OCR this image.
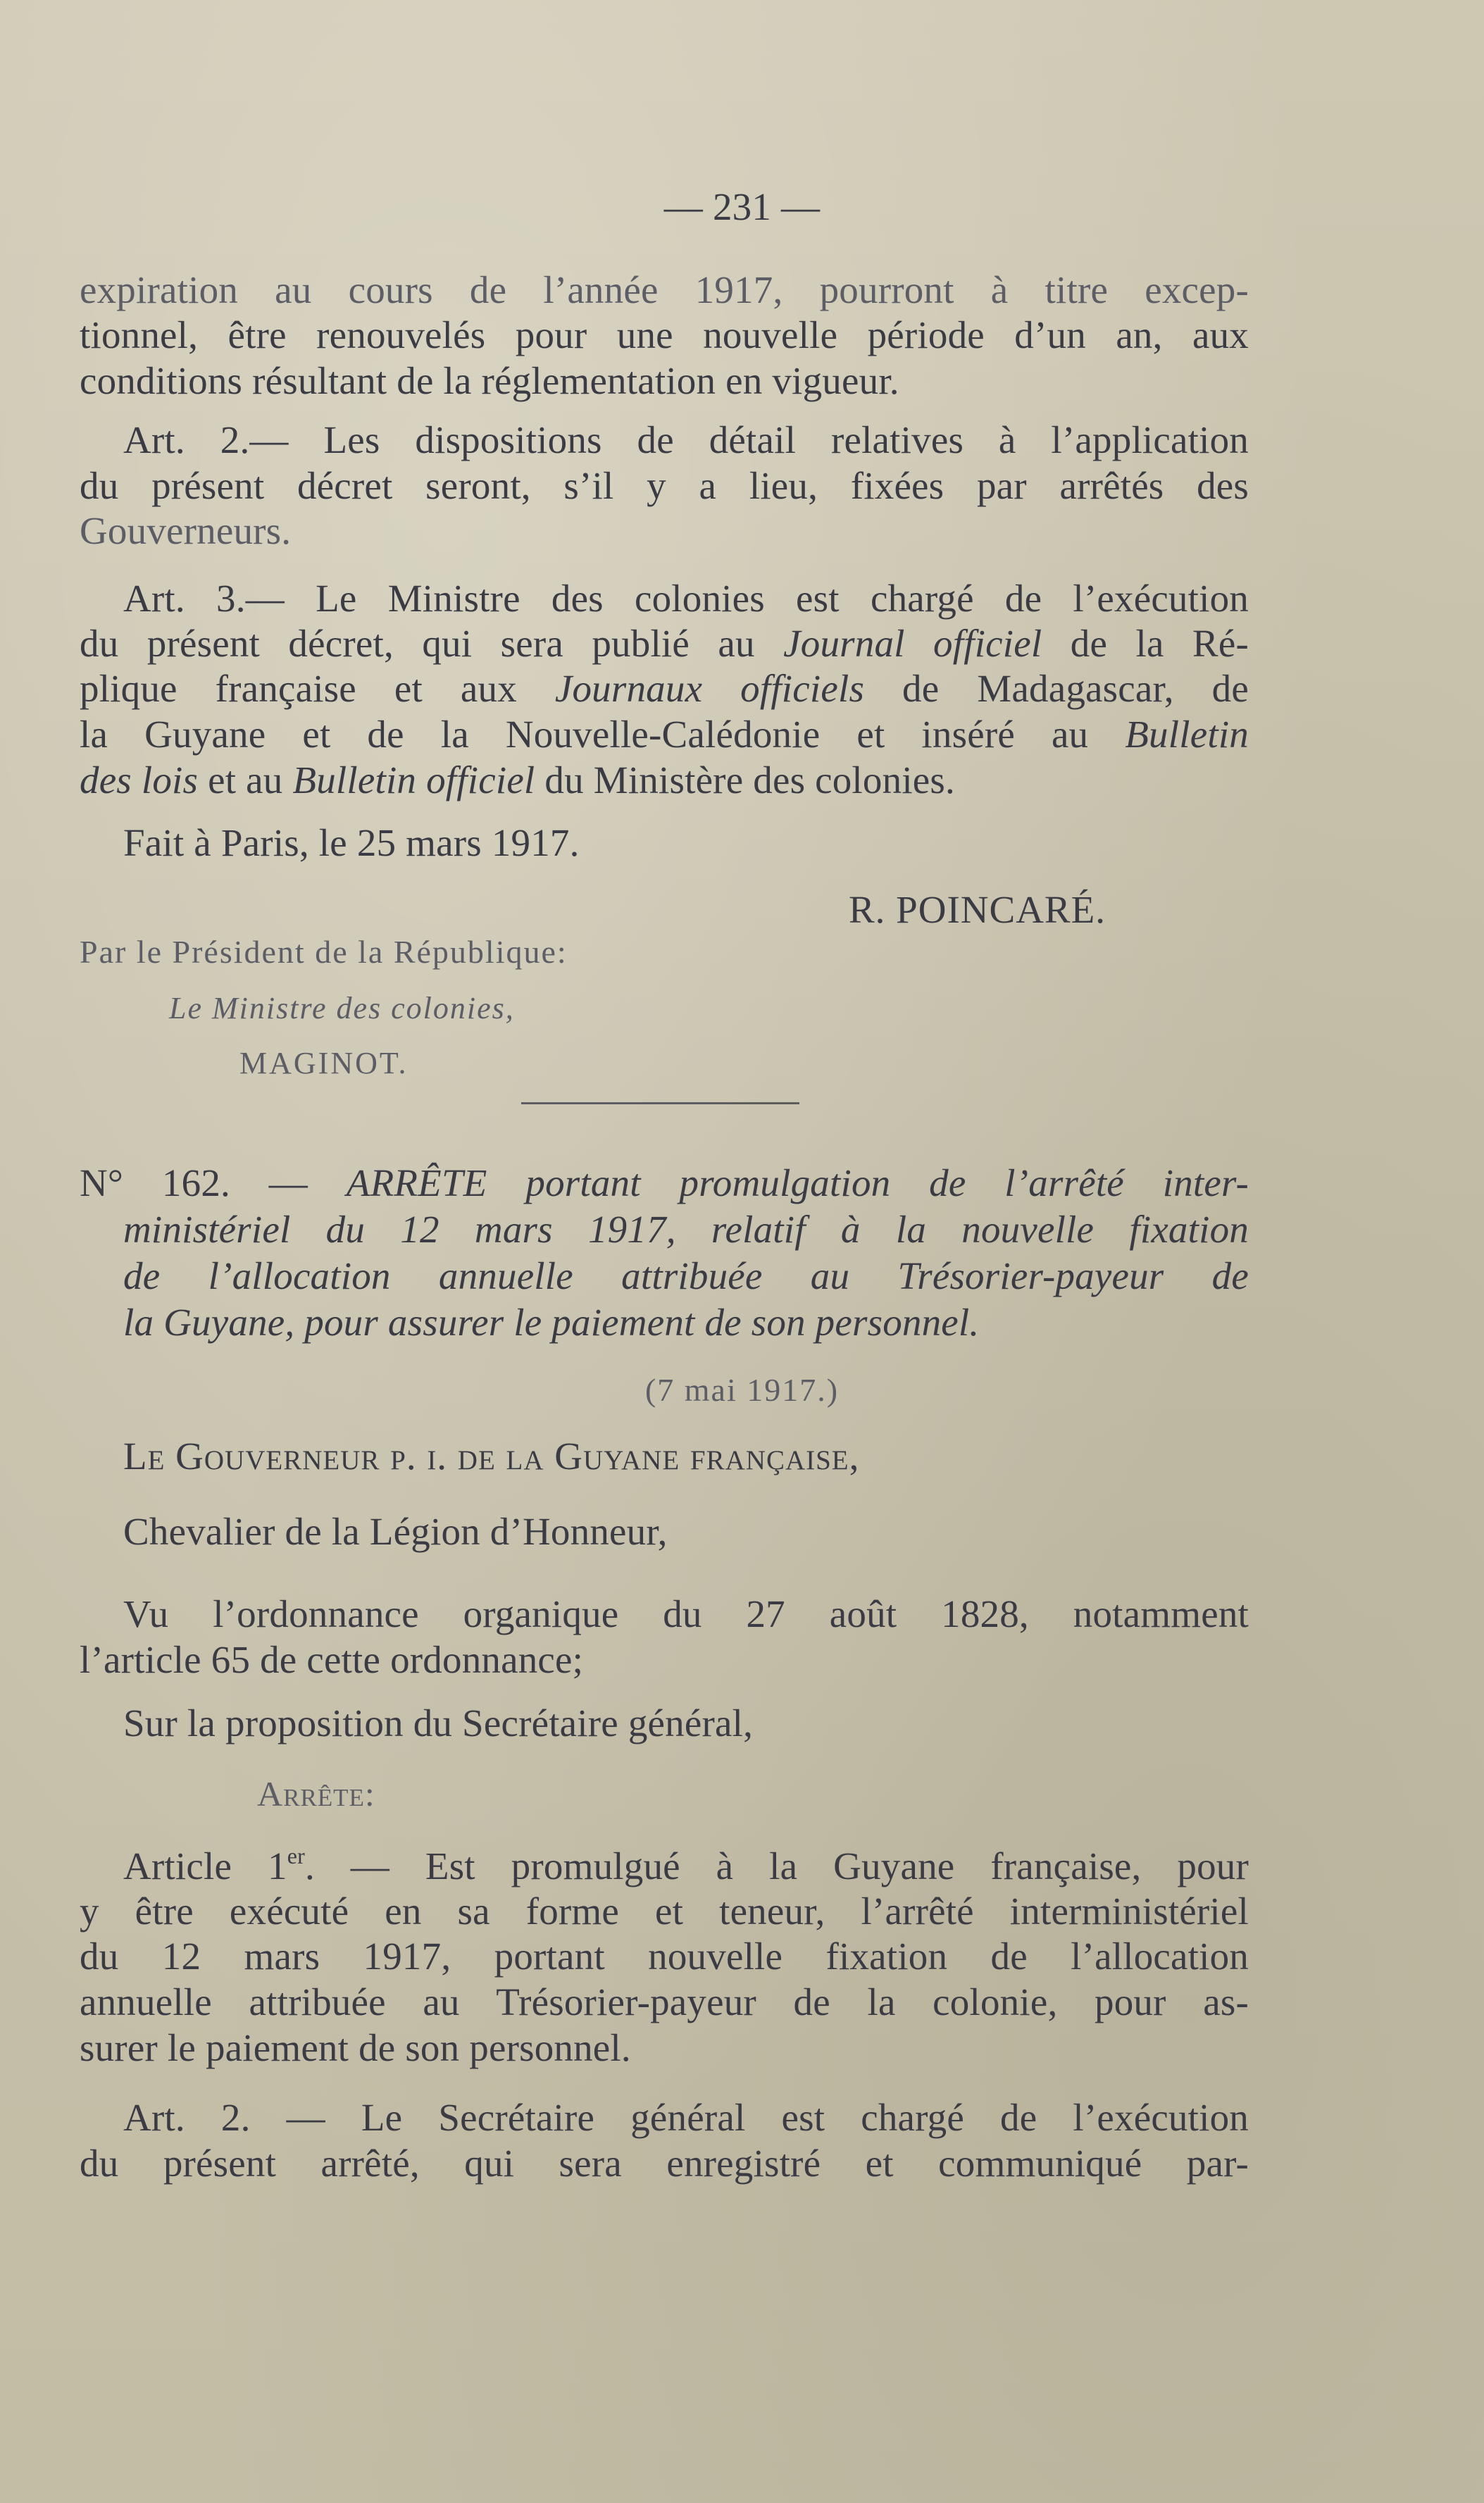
— 231 —
expiration au cours de l’année 1917, pourront à titre excep-
tionnel, être renouvelés pour une nouvelle période d’un an, aux
conditions résultant de la réglementation en vigueur.
Art. 2.— Les dispositions de détail relatives à l’application
du présent décret seront, s’il y a lieu, fixées par arrêtés des
Gouverneurs.
Art. 3.— Le Ministre des colonies est chargé de l’exécution
du présent décret, qui sera publié au Journal officiel de la Ré-
plique française et aux Journaux officiels de Madagascar, de
la Guyane et de la Nouvelle-Calédonie et inséré au Bulletin
des lois et au Bulletin officiel du Ministère des colonies.
Fait à Paris, le 25 mars 1917.
R. POINCARÉ.
Par le Président de la République:
Le Ministre des colonies,
MAGINOT.
N° 162. — ARRÊTE portant promulgation de l’arrêté inter-
ministériel du 12 mars 1917, relatif à la nouvelle fixation
de l’allocation annuelle attribuée au Trésorier-payeur de
la Guyane, pour assurer le paiement de son personnel.
(7 mai 1917.)
Le Gouverneur p. i. de la Guyane française,
Chevalier de la Légion d’Honneur,
Vu l’ordonnance organique du 27 août 1828, notamment
l’article 65 de cette ordonnance;
Sur la proposition du Secrétaire général,
Arrête:
Article 1er. — Est promulgué à la Guyane française, pour
y être exécuté en sa forme et teneur, l’arrêté interministériel
du 12 mars 1917, portant nouvelle fixation de l’allocation
annuelle attribuée au Trésorier-payeur de la colonie, pour as-
surer le paiement de son personnel.
Art. 2. — Le Secrétaire général est chargé de l’exécution
du présent arrêté, qui sera enregistré et communiqué par-
